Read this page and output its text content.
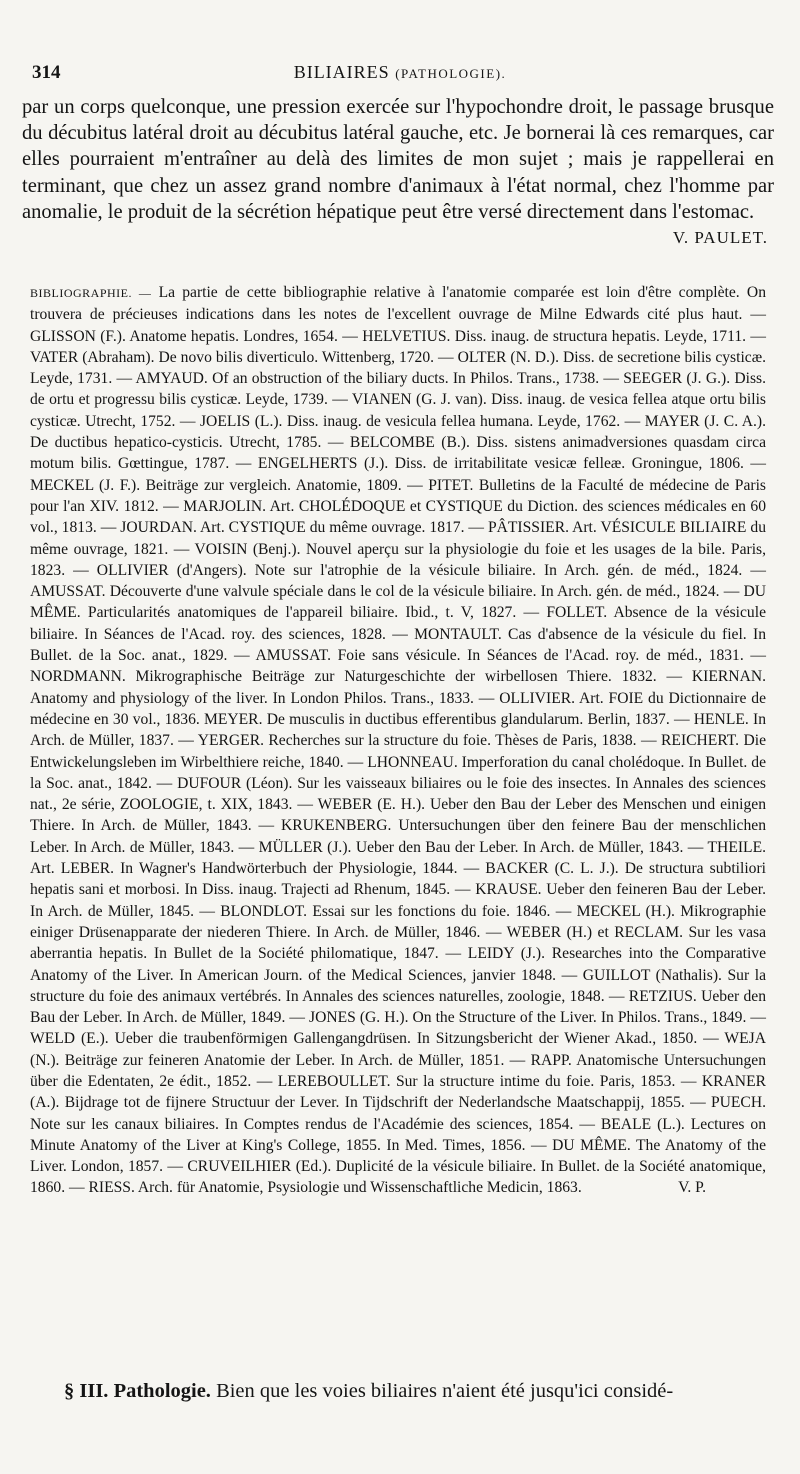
314	BILIAIRES (PATHOLOGIE).
par un corps quelconque, une pression exercée sur l'hypochondre droit, le passage brusque du décubitus latéral droit au décubitus latéral gauche, etc. Je bornerai là ces remarques, car elles pourraient m'entraîner au delà des limites de mon sujet ; mais je rappellerai en terminant, que chez un assez grand nombre d'animaux à l'état normal, chez l'homme par anomalie, le produit de la sécrétion hépatique peut être versé directement dans l'estomac.
V. PAULET.
BIBLIOGRAPHIE. — La partie de cette bibliographie relative à l'anatomie comparée est loin d'être complète. On trouvera de précieuses indications dans les notes de l'excellent ouvrage de Milne Edwards cité plus haut. — GLISSON (F.). Anatome hepatis. Londres, 1654. — HELVETIUS. Diss. inaug. de structura hepatis. Leyde, 1711. — VATER (Abraham). De novo bilis diverticulo. Wittenberg, 1720. — OLTER (N. D.). Diss. de secretione bilis cysticæ. Leyde, 1731. — AMYAUD. Of an obstruction of the biliary ducts. In Philos. Trans., 1738. — SEEGER (J. G.). Diss. de ortu et progressu bilis cysticæ. Leyde, 1739. — VIANEN (G. J. van). Diss. inaug. de vesica fellea atque ortu bilis cysticæ. Utrecht, 1752. — JOELIS (L.). Diss. inaug. de vesicula fellea humana. Leyde, 1762. — MAYER (J. C. A.). De ductibus hepatico-cysticis. Utrecht, 1785. — BELCOMBE (B.). Diss. sistens animadversiones quasdam circa motum bilis. Gœttingue, 1787. — ENGELHERTS (J.). Diss. de irritabilitate vesicæ felleæ. Groningue, 1806. — MECKEL (J. F.). Beiträge zur vergleich. Anatomie, 1809. — PITET. Bulletins de la Faculté de médecine de Paris pour l'an XIV. 1812. — MARJOLIN. Art. CHOLÉDOQUE et CYSTIQUE du Diction. des sciences médicales en 60 vol., 1813. — JOURDAN. Art. CYSTIQUE du même ouvrage. 1817. — PÂTISSIER. Art. VÉSICULE BILIAIRE du même ouvrage, 1821. — VOISIN (Benj.). Nouvel aperçu sur la physiologie du foie et les usages de la bile. Paris, 1823. — OLLIVIER (d'Angers). Note sur l'atrophie de la vésicule biliaire. In Arch. gén. de méd., 1824. — AMUSSAT. Découverte d'une valvule spéciale dans le col de la vésicule biliaire. In Arch. gén. de méd., 1824. — DU MÊME. Particularités anatomiques de l'appareil biliaire. Ibid., t. V, 1827. — FOLLET. Absence de la vésicule biliaire. In Séances de l'Acad. roy. des sciences, 1828. — MONTAULT. Cas d'absence de la vésicule du fiel. In Bullet. de la Soc. anat., 1829. — AMUSSAT. Foie sans vésicule. In Séances de l'Acad. roy. de méd., 1831. — NORDMANN. Mikrographische Beiträge zur Naturgeschichte der wirbellosen Thiere. 1832. — KIERNAN. Anatomy and physiology of the liver. In London Philos. Trans., 1833. — OLLIVIER. Art. FOIE du Dictionnaire de médecine en 30 vol., 1836. MEYER. De musculis in ductibus efferentibus glandularum. Berlin, 1837. — HENLE. In Arch. de Müller, 1837. — YERGER. Recherches sur la structure du foie. Thèses de Paris, 1838. — REICHERT. Die Entwickelungsleben im Wirbelthiere reiche, 1840. — LHONNEAU. Imperforation du canal cholédoque. In Bullet. de la Soc. anat., 1842. — DUFOUR (Léon). Sur les vaisseaux biliaires ou le foie des insectes. In Annales des sciences nat., 2e série, ZOOLOGIE, t. XIX, 1843. — WEBER (E. H.). Ueber den Bau der Leber des Menschen und einigen Thiere. In Arch. de Müller, 1843. — KRUKENBERG. Untersuchungen über den feinere Bau der menschlichen Leber. In Arch. de Müller, 1843. — MÜLLER (J.). Ueber den Bau der Leber. In Arch. de Müller, 1843. — THEILE. Art. LEBER. In Wagner's Handwörterbuch der Physiologie, 1844. — BACKER (C. L. J.). De structura subtiliori hepatis sani et morbosi. In Diss. inaug. Trajecti ad Rhenum, 1845. — KRAUSE. Ueber den feineren Bau der Leber. In Arch. de Müller, 1845. — BLONDLOT. Essai sur les fonctions du foie. 1846. — MECKEL (H.). Mikrographie einiger Drüsenapparate der niederen Thiere. In Arch. de Müller, 1846. — WEBER (H.) et RECLAM. Sur les vasa aberrantia hepatis. In Bullet de la Société philomatique, 1847. — LEIDY (J.). Researches into the Comparative Anatomy of the Liver. In American Journ. of the Medical Sciences, janvier 1848. — GUILLOT (Nathalis). Sur la structure du foie des animaux vertébrés. In Annales des sciences naturelles, zoologie, 1848. — RETZIUS. Ueber den Bau der Leber. In Arch. de Müller, 1849. — JONES (G. H.). On the Structure of the Liver. In Philos. Trans., 1849. — WELD (E.). Ueber die traubenförmigen Gallengangdrüsen. In Sitzungsbericht der Wiener Akad., 1850. — WEJA (N.). Beiträge zur feineren Anatomie der Leber. In Arch. de Müller, 1851. — RAPP. Anatomische Untersuchungen über die Edentaten, 2e édit., 1852. — LEREBOULLET. Sur la structure intime du foie. Paris, 1853. — KRANER (A.). Bijdrage tot de fijnere Structuur der Lever. In Tijdschrift der Nederlandsche Maatschappij, 1855. — PUECH. Note sur les canaux biliaires. In Comptes rendus de l'Académie des sciences, 1854. — BEALE (L.). Lectures on Minute Anatomy of the Liver at King's College, 1855. In Med. Times, 1856. — DU MÊME. The Anatomy of the Liver. London, 1857. — CRUVEILHIER (Ed.). Duplicité de la vésicule biliaire. In Bullet. de la Société anatomique, 1860. — RIESS. Arch. für Anatomie, Psysiologie und Wissenschaftliche Medicin, 1863.	V. P.
§ III. Pathologie. Bien que les voies biliaires n'aient été jusqu'ici considé-
